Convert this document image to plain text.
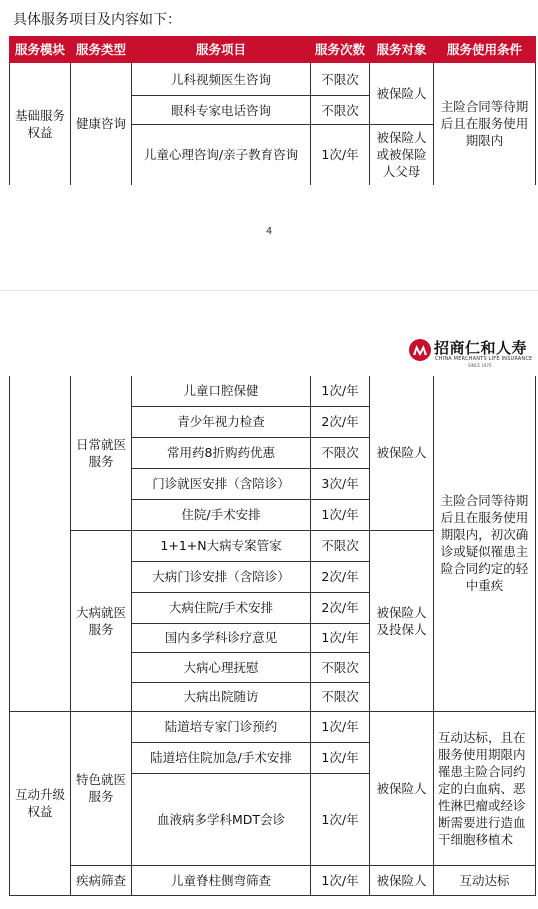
具体服务项目及内容如下：
服务模块	服务类型	服务项目	服务次数	服务对象	服务使用条件
基础服务权益	健康咨询	儿科视频医生咨询	不限次	被保险人	主险合同等待期后且在服务使用期限内
		眼科专家电话咨询	不限次		
		儿童心理咨询/亲子教育咨询	1次/年	被保险人或被保险人父母	
4
招商仁和人寿
CHINA MERCHANTS LIFE INSURANCE
SINCE 1970
	日常就医服务	儿童口腔保健	1次/年	被保险人	主险合同等待期后且在服务使用期限内，初次确诊或疑似罹患主险合同约定的轻中重疾
		青少年视力检查	2次/年		
		常用药8折购药优惠	不限次		
		门诊就医安排（含陪诊）	3次/年		
		住院/手术安排	1次/年		
	大病就医服务	1+1+N大病专案管家	不限次	被保险人及投保人	
		大病门诊安排（含陪诊）	2次/年		
		大病住院/手术安排	2次/年		
		国内多学科诊疗意见	1次/年		
		大病心理抚慰	不限次		
		大病出院随访	不限次		
互动升级权益	特色就医服务	陆道培专家门诊预约	1次/年	被保险人	互动达标，且在服务使用期限内罹患主险合同约定的白血病、恶性淋巴瘤或经诊断需要进行造血干细胞移植术
		陆道培住院加急/手术安排	1次/年		
		血液病多学科MDT会诊	1次/年		
	疾病筛查	儿童脊柱侧弯筛查	1次/年	被保险人	互动达标
